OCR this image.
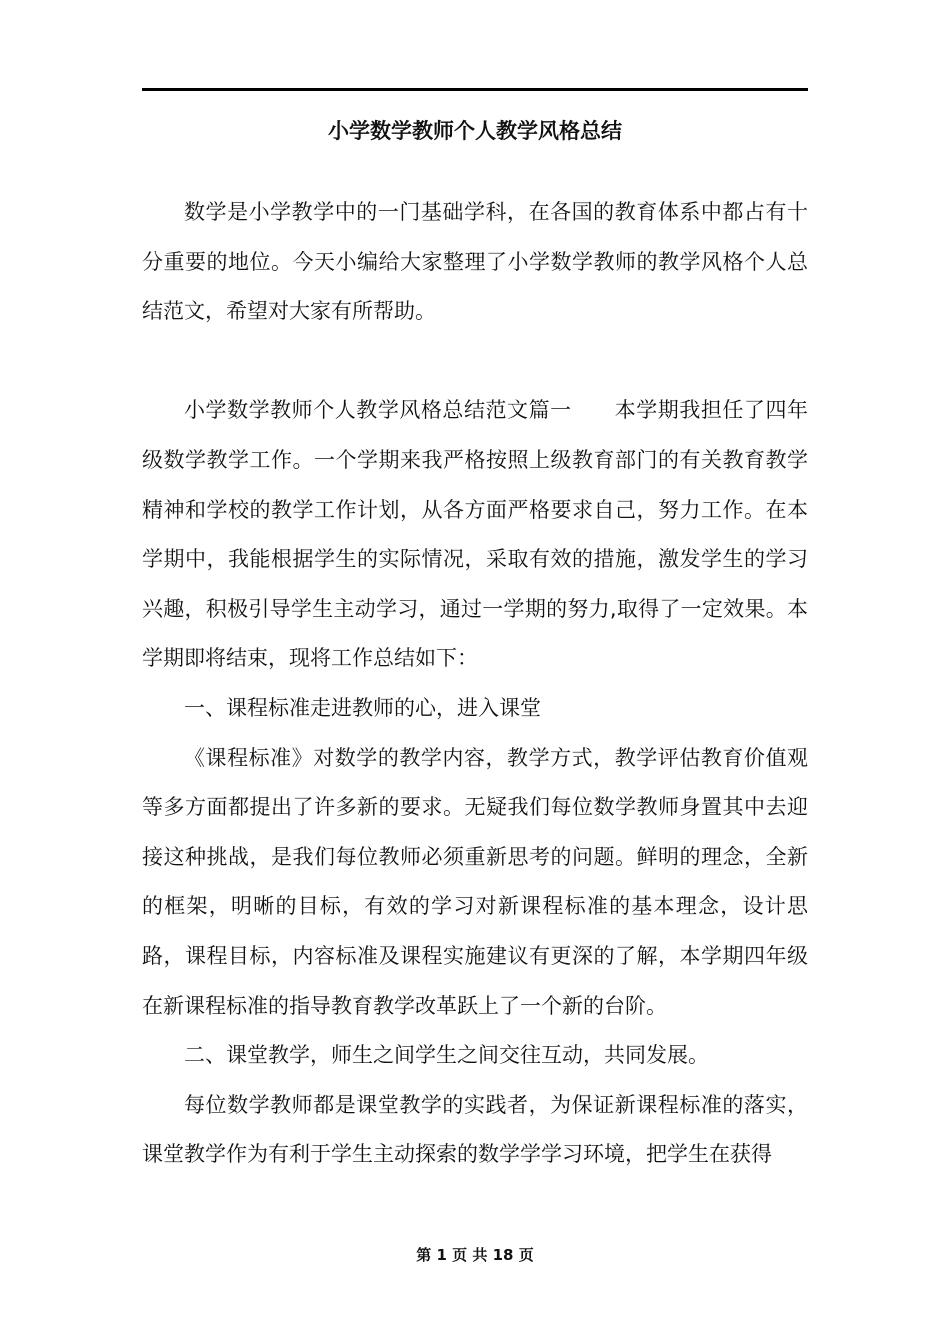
小学数学教师个人教学风格总结

数学是小学教学中的一门基础学科，在各国的教育体系中都占有十分重要的地位。今天小编给大家整理了小学数学教师的教学风格个人总结范文，希望对大家有所帮助。

小学数学教师个人教学风格总结范文篇一　　本学期我担任了四年级数学教学工作。一个学期来我严格按照上级教育部门的有关教育教学精神和学校的教学工作计划，从各方面严格要求自己，努力工作。在本学期中，我能根据学生的实际情况，采取有效的措施，激发学生的学习兴趣，积极引导学生主动学习，通过一学期的努力,取得了一定效果。本学期即将结束，现将工作总结如下：

一、课程标准走进教师的心，进入课堂

《课程标准》对数学的教学内容，教学方式，教学评估教育价值观等多方面都提出了许多新的要求。无疑我们每位数学教师身置其中去迎接这种挑战，是我们每位教师必须重新思考的问题。鲜明的理念，全新的框架，明晰的目标，有效的学习对新课程标准的基本理念，设计思路，课程目标，内容标准及课程实施建议有更深的了解，本学期四年级在新课程标准的指导教育教学改革跃上了一个新的台阶。

二、课堂教学，师生之间学生之间交往互动，共同发展。

每位数学教师都是课堂教学的实践者，为保证新课程标准的落实，课堂教学作为有利于学生主动探索的数学学学习环境，把学生在获得

第 1 页 共 18 页
